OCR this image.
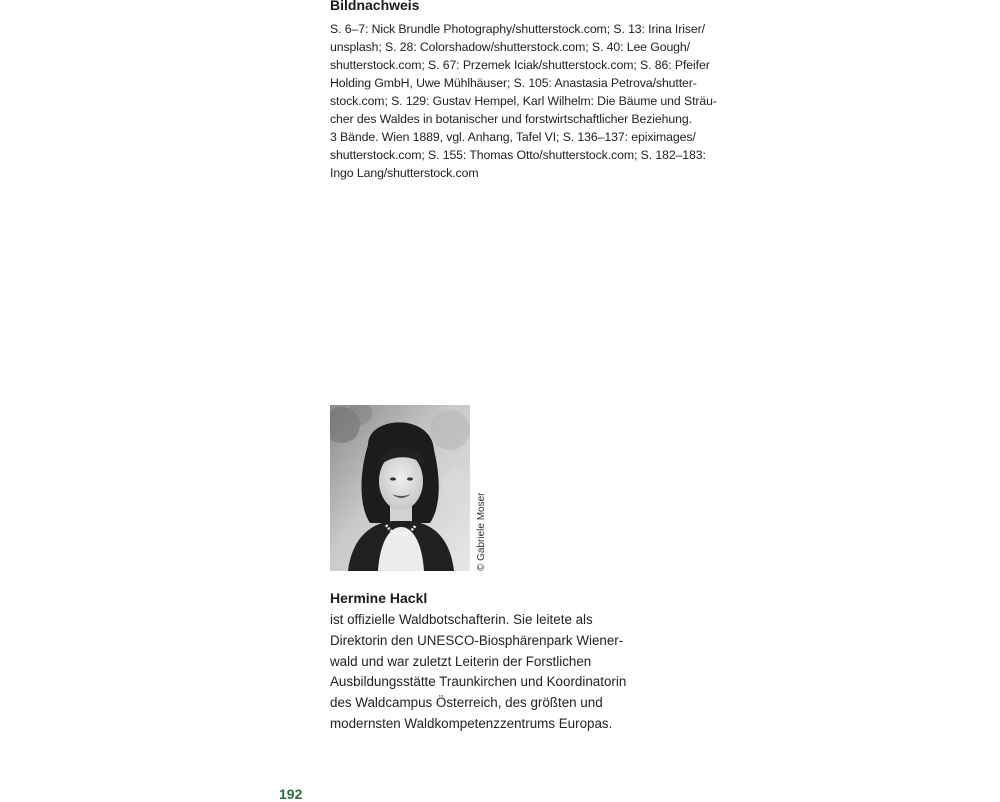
Bildnachweis
S. 6–7: Nick Brundle Photography/shutterstock.com; S. 13: Irina Iriser/
unsplash; S. 28: Colorshadow/shutterstock.com; S. 40: Lee Gough/
shutterstock.com; S. 67: Przemek Iciak/shutterstock.com; S. 86: Pfeifer
Holding GmbH, Uwe Mühlhäuser; S. 105: Anastasia Petrova/shutter-
stock.com; S. 129: Gustav Hempel, Karl Wilhelm: Die Bäume und Sträu-
cher des Waldes in botanischer und forstwirtschaftlicher Beziehung.
3 Bände. Wien 1889, vgl. Anhang, Tafel VI; S. 136–137: epiximages/
shutterstock.com; S. 155: Thomas Otto/shutterstock.com; S. 182–183:
Ingo Lang/shutterstock.com
© Gabriele Moser
Hermine Hackl
ist offizielle Waldbotschafterin. Sie leitete als
Direktorin den UNESCO-Biosphärenpark Wiener-
wald und war zuletzt Leiterin der Forstlichen
Ausbildungsstätte Traunkirchen und Koordinatorin
des Waldcampus Österreich, des größten und
modernsten Waldkompetenzzentrums Europas.
192
